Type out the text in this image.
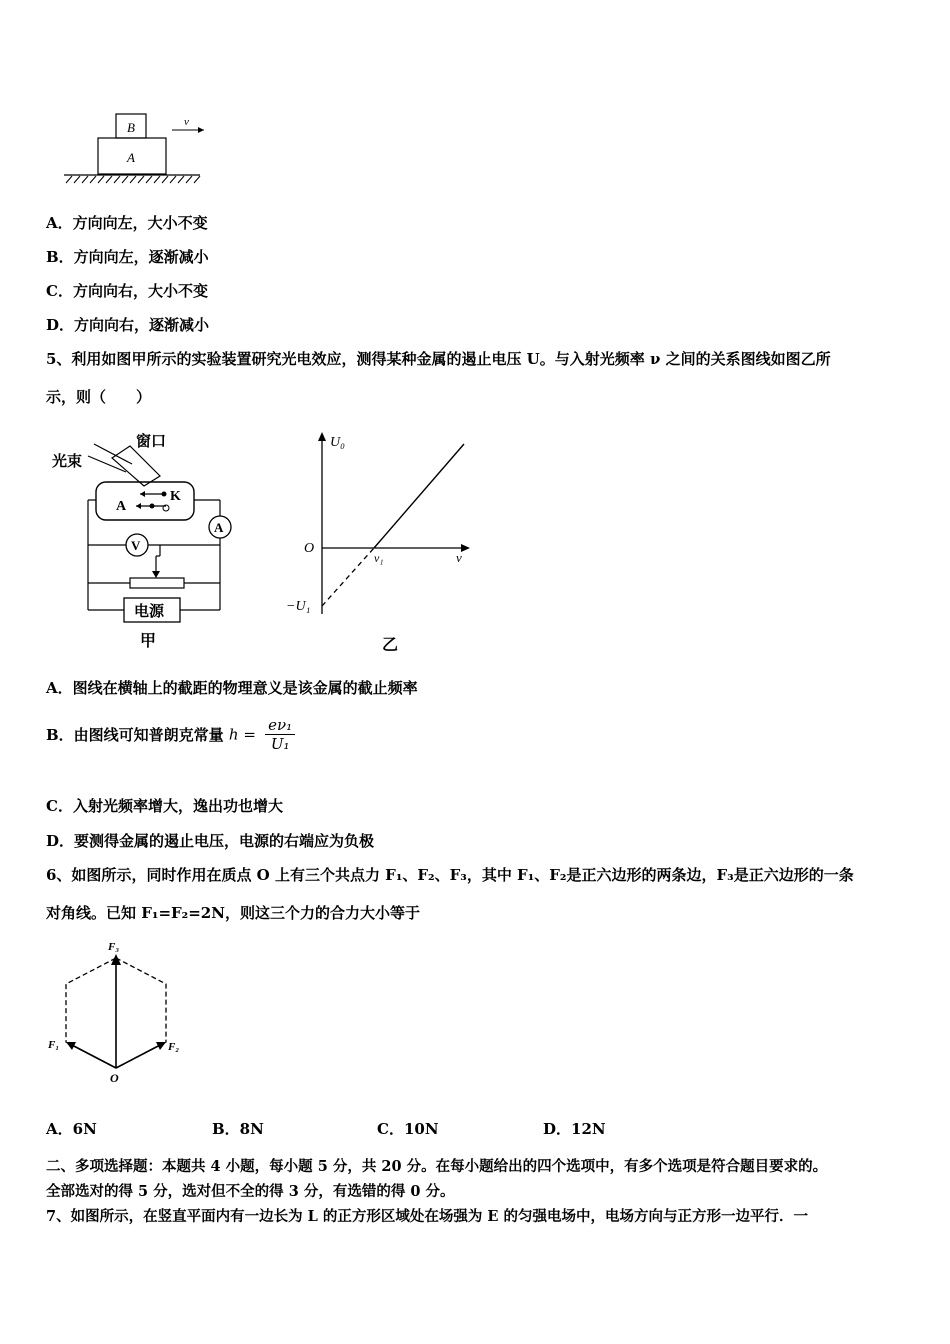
B
A
v
A．方向向左，大小不变
B．方向向左，逐渐减小
C．方向向右，大小不变
D．方向向右，逐渐减小
5、利用如图甲所示的实验装置研究光电效应，测得某种金属的遏止电压 U。与入射光频率 ν 之间的关系图线如图乙所
示，则（　　）
光束
窗口
A
K
A
V
电源
甲
U₀
O
ν
ν₁
−U₁
乙
A．图线在横轴上的截距的物理意义是该金属的截止频率
B．由图线可知普朗克常量 $h = \frac{\text{eν₁}}{\text{U₁}}$
C．入射光频率增大，逸出功也增大
D．要测得金属的遏止电压，电源的右端应为负极
6、如图所示，同时作用在质点 O 上有三个共点力 F₁、F₂、F₃，其中 F₁、F₂是正六边形的两条边，F₃是正六边形的一条
对角线。已知 F₁=F₂=2N，则这三个力的合力大小等于
F₃
F₁	F₂
O
A．6N	B．8N	C．10N	D．12N
二、多项选择题：本题共 4 小题，每小题 5 分，共 20 分。在每小题给出的四个选项中，有多个选项是符合题目要求的。
全部选对的得 5 分，选对但不全的得 3 分，有选错的得 0 分。
7、如图所示，在竖直平面内有一边长为 L 的正方形区域处在场强为 E 的匀强电场中，电场方向与正方形一边平行．一
